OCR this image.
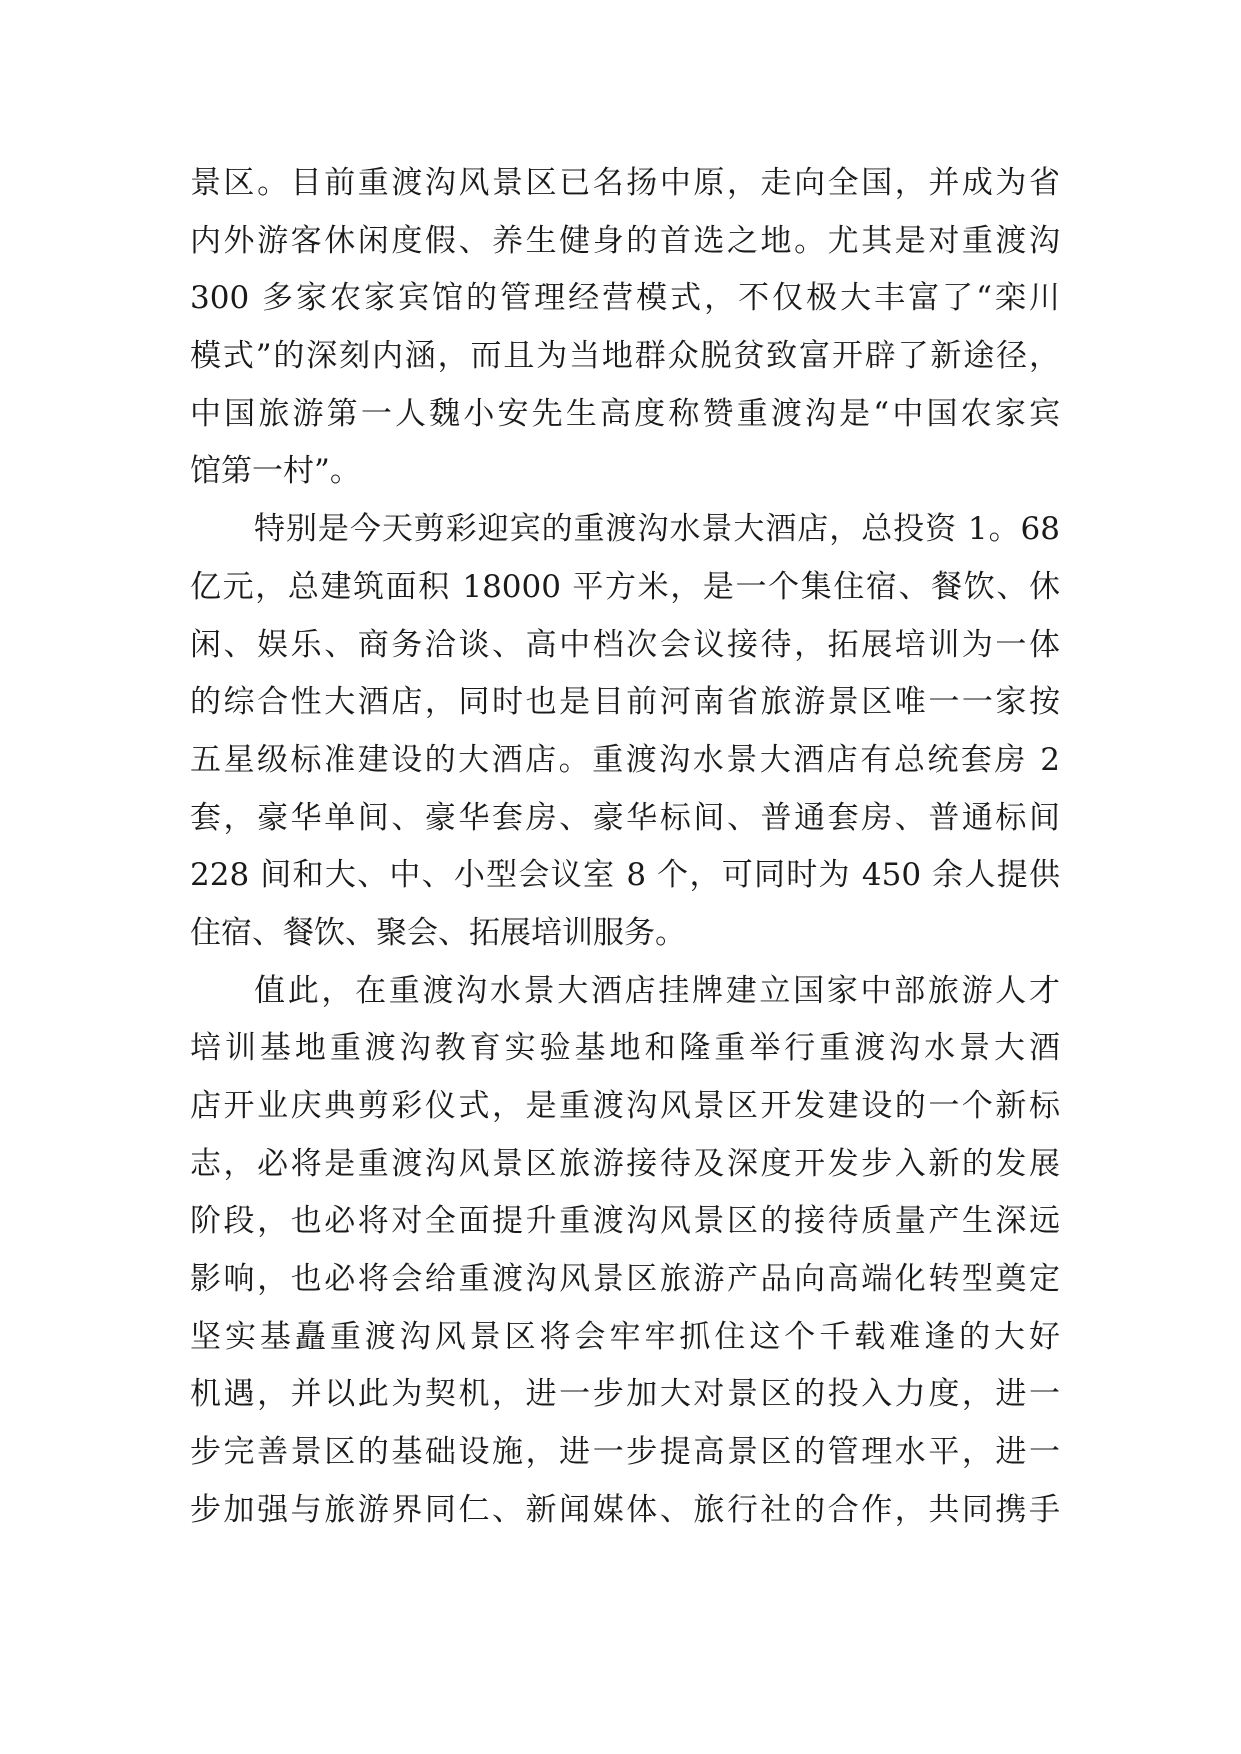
景区。目前重渡沟风景区已名扬中原，走向全国，并成为省
内外游客休闲度假、养生健身的首选之地。尤其是对重渡沟
300 多家农家宾馆的管理经营模式，不仅极大丰富了“栾川
模式”的深刻内涵，而且为当地群众脱贫致富开辟了新途径，
中国旅游第一人魏小安先生高度称赞重渡沟是“中国农家宾
馆第一村”。
特别是今天剪彩迎宾的重渡沟水景大酒店，总投资 1。68
亿元，总建筑面积 18000 平方米，是一个集住宿、餐饮、休
闲、娱乐、商务洽谈、高中档次会议接待，拓展培训为一体
的综合性大酒店，同时也是目前河南省旅游景区唯一一家按
五星级标准建设的大酒店。重渡沟水景大酒店有总统套房 2
套，豪华单间、豪华套房、豪华标间、普通套房、普通标间
228 间和大、中、小型会议室 8 个，可同时为 450 余人提供
住宿、餐饮、聚会、拓展培训服务。
值此，在重渡沟水景大酒店挂牌建立国家中部旅游人才
培训基地重渡沟教育实验基地和隆重举行重渡沟水景大酒
店开业庆典剪彩仪式，是重渡沟风景区开发建设的一个新标
志，必将是重渡沟风景区旅游接待及深度开发步入新的发展
阶段，也必将对全面提升重渡沟风景区的接待质量产生深远
影响，也必将会给重渡沟风景区旅游产品向高端化转型奠定
坚实基矗重渡沟风景区将会牢牢抓住这个千载难逢的大好
机遇，并以此为契机，进一步加大对景区的投入力度，进一
步完善景区的基础设施，进一步提高景区的管理水平，进一
步加强与旅游界同仁、新闻媒体、旅行社的合作，共同携手
